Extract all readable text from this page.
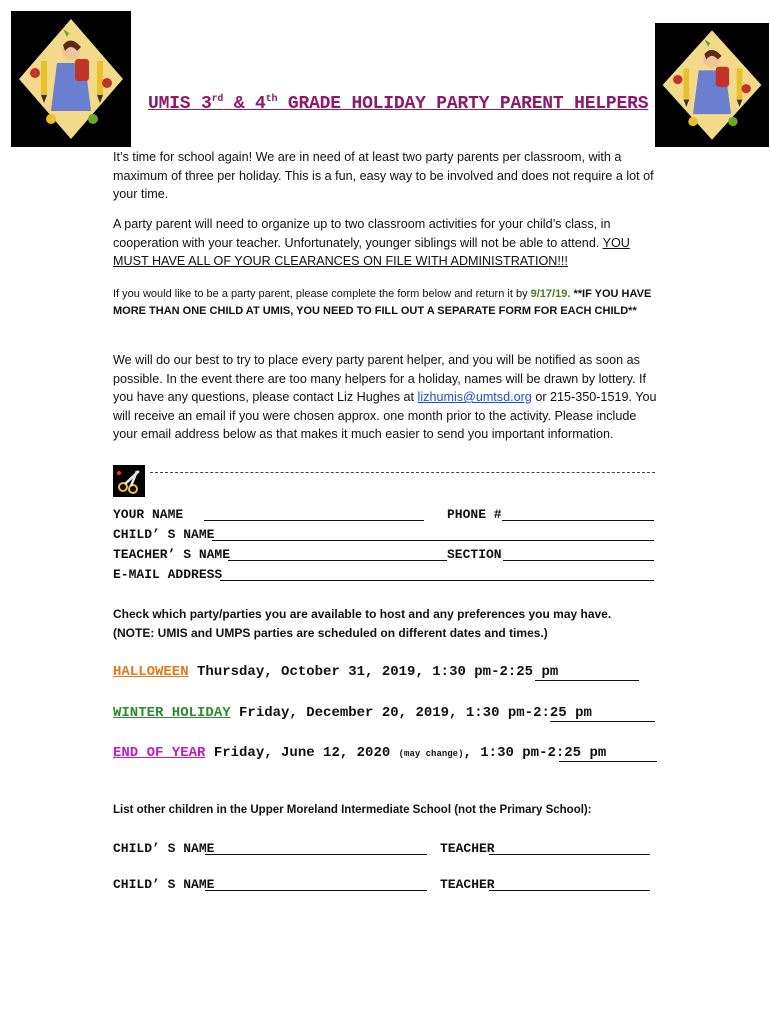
UMIS 3rd & 4th GRADE HOLIDAY PARTY PARENT HELPERS
It’s time for school again! We are in need of at least two party parents per classroom, with a maximum of three per holiday. This is a fun, easy way to be involved and does not require a lot of your time.
A party parent will need to organize up to two classroom activities for your child’s class, in cooperation with your teacher. Unfortunately, younger siblings will not be able to attend. YOU MUST HAVE ALL OF YOUR CLEARANCES ON FILE WITH ADMINISTRATION!!!
If you would like to be a party parent, please complete the form below and return it by 9/17/19. **IF YOU HAVE MORE THAN ONE CHILD AT UMIS, YOU NEED TO FILL OUT A SEPARATE FORM FOR EACH CHILD**
We will do our best to try to place every party parent helper, and you will be notified as soon as possible. In the event there are too many helpers for a holiday, names will be drawn by lottery. If you have any questions, please contact Liz Hughes at lizhumis@umtsd.org or 215-350-1519. You will receive an email if you were chosen approx. one month prior to the activity. Please include your email address below as that makes it much easier to send you important information.
YOUR NAME	PHONE #
CHILD’ S NAME
TEACHER’ S NAME	SECTION
E-MAIL ADDRESS
Check which party/parties you are available to host and any preferences you may have.
(NOTE: UMIS and UMPS parties are scheduled on different dates and times.)
HALLOWEEN Thursday, October 31, 2019, 1:30 pm-2:25 pm
WINTER HOLIDAY Friday, December 20, 2019, 1:30 pm-2:25 pm
END OF YEAR Friday, June 12, 2020 (may change), 1:30 pm-2:25 pm
List other children in the Upper Moreland Intermediate School (not the Primary School):
CHILD’ S NAME	TEACHER
CHILD’ S NAME	TEACHER
